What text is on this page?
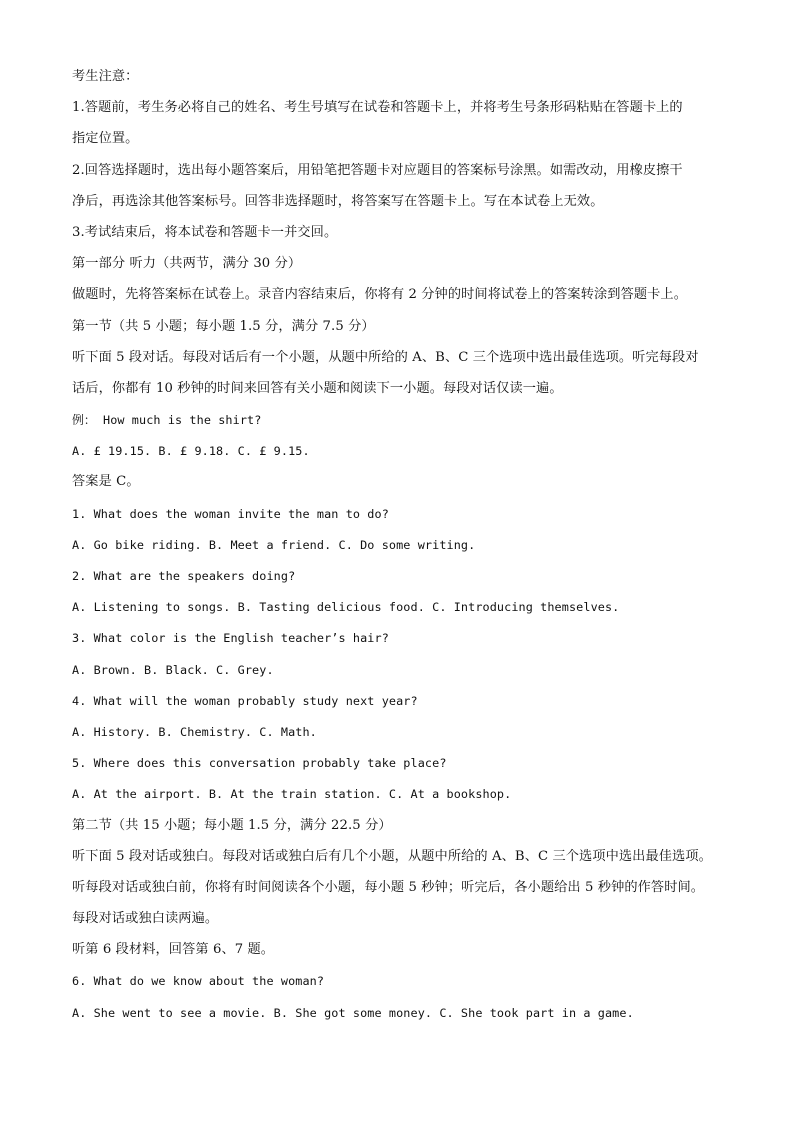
考生注意：
1.答题前，考生务必将自己的姓名、考生号填写在试卷和答题卡上，并将考生号条形码粘贴在答题卡上的
指定位置。
2.回答选择题时，选出每小题答案后，用铅笔把答题卡对应题目的答案标号涂黑。如需改动，用橡皮擦干
净后，再选涂其他答案标号。回答非选择题时，将答案写在答题卡上。写在本试卷上无效。
3.考试结束后，将本试卷和答题卡一并交回。
第一部分 听力（共两节，满分 30 分）
做题时，先将答案标在试卷上。录音内容结束后，你将有 2 分钟的时间将试卷上的答案转涂到答题卡上。
第一节（共 5 小题；每小题 1.5 分，满分 7.5 分）
听下面 5 段对话。每段对话后有一个小题，从题中所给的 A、B、C 三个选项中选出最佳选项。听完每段对
话后，你都有 10 秒钟的时间来回答有关小题和阅读下一小题。每段对话仅读一遍。
例： How much is the shirt?
A. £ 19.15. B. £ 9.18. C. £ 9.15.
答案是 C。
1. What does the woman invite the man to do?
A. Go bike riding. B. Meet a friend. C. Do some writing.
2. What are the speakers doing?
A. Listening to songs. B. Tasting delicious food. C. Introducing themselves.
3. What color is the English teacher’s hair?
A. Brown. B. Black. C. Grey.
4. What will the woman probably study next year?
A. History. B. Chemistry. C. Math.
5. Where does this conversation probably take place?
A. At the airport. B. At the train station. C. At a bookshop.
第二节（共 15 小题；每小题 1.5 分，满分 22.5 分）
听下面 5 段对话或独白。每段对话或独白后有几个小题，从题中所给的 A、B、C 三个选项中选出最佳选项。
听每段对话或独白前，你将有时间阅读各个小题，每小题 5 秒钟；听完后，各小题给出 5 秒钟的作答时间。
每段对话或独白读两遍。
听第 6 段材料，回答第 6、7 题。
6. What do we know about the woman?
A. She went to see a movie. B. She got some money. C. She took part in a game.
